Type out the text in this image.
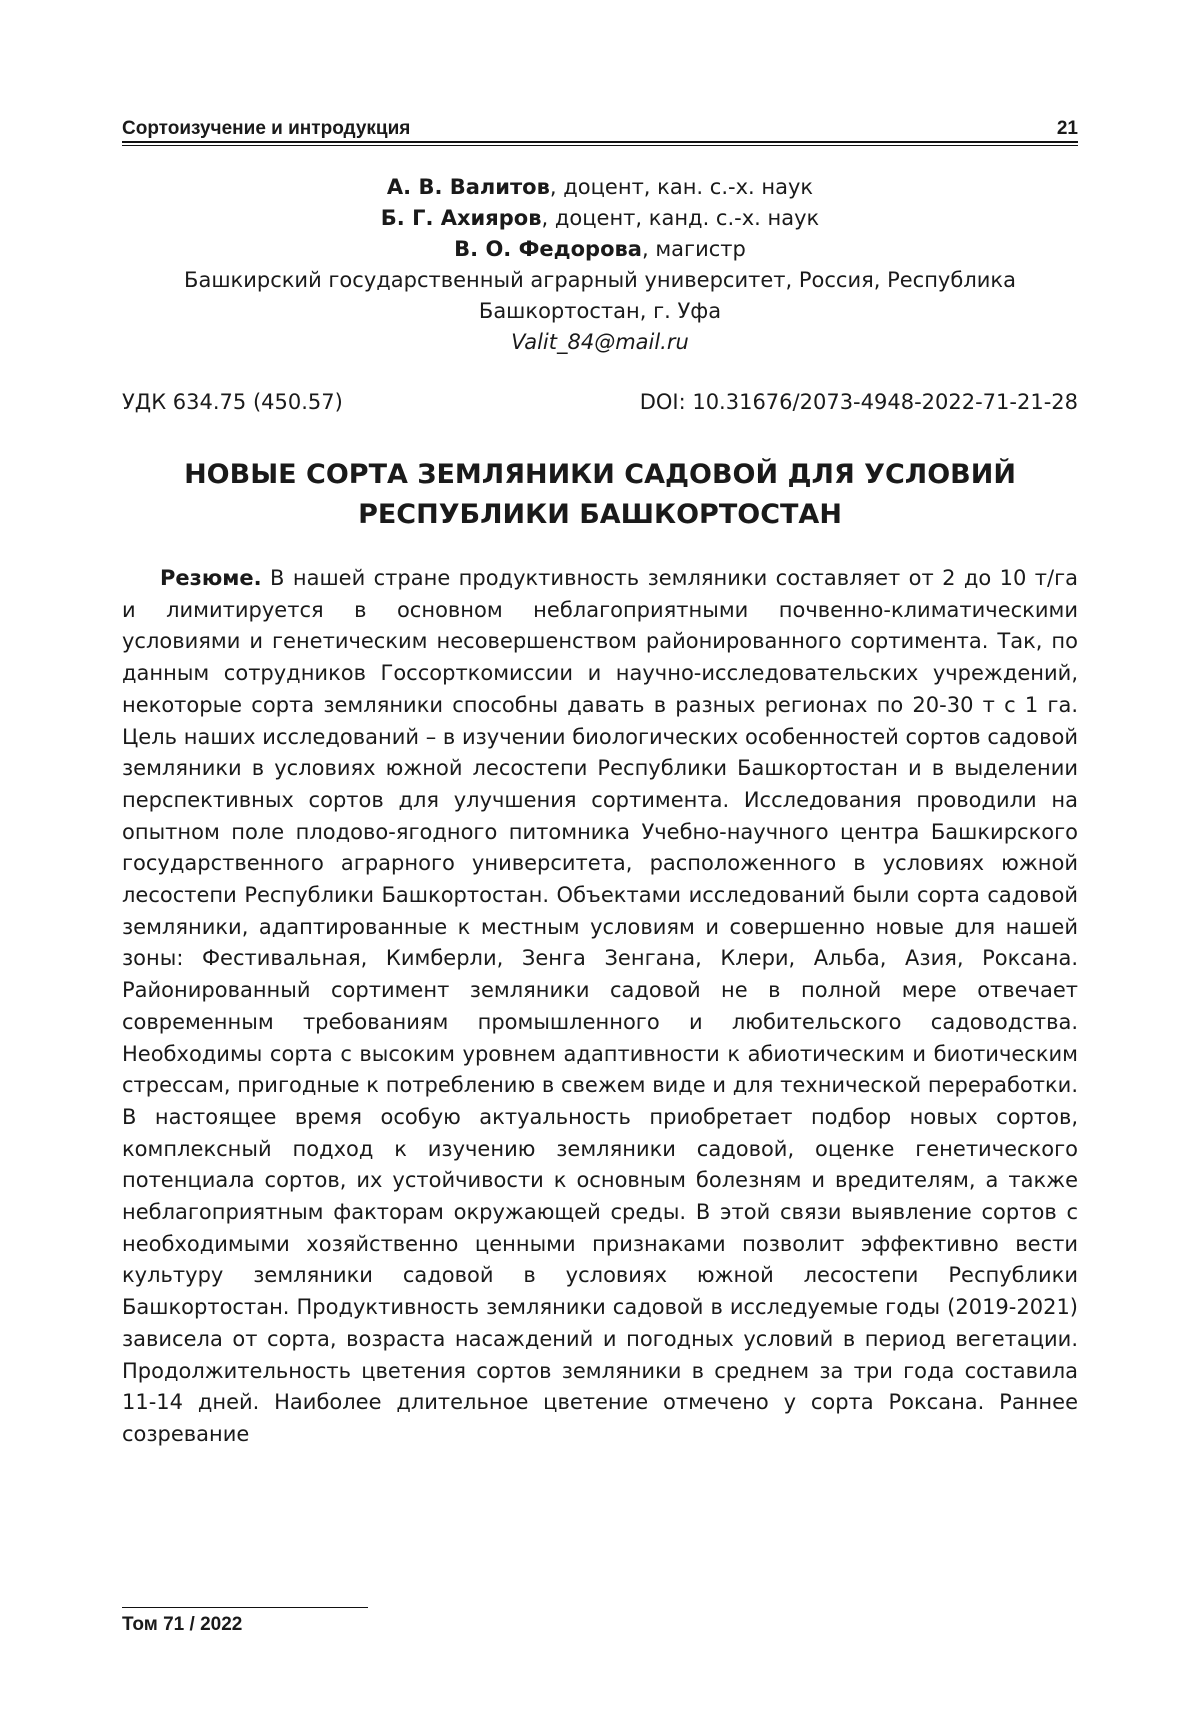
Сортоизучение и интродукция	21
А. В. Валитов, доцент, кан. с.-х. наук
Б. Г. Ахияров, доцент, канд. с.-х. наук
В. О. Федорова, магистр
Башкирский государственный аграрный университет, Россия, Республика
Башкортостан, г. Уфа
Valit_84@mail.ru
УДК 634.75 (450.57)	DOI: 10.31676/2073-4948-2022-71-21-28
НОВЫЕ СОРТА ЗЕМЛЯНИКИ САДОВОЙ ДЛЯ УСЛОВИЙ
РЕСПУБЛИКИ БАШКОРТОСТАН

Резюме. В нашей стране продуктивность земляники составляет от 2 до 10 т/га и лимитируется в основном неблагоприятными почвенно-климатическими условиями и генетическим несовершенством районированного сортимента. Так, по данным сотрудников Госсорткомиссии и научно-исследовательских учреждений, некоторые сорта земляники способны давать в разных регионах по 20-30 т с 1 га. Цель наших исследований – в изучении биологических особенностей сортов садовой земляники в условиях южной лесостепи Республики Башкортостан и в выделении перспективных сортов для улучшения сортимента. Исследования проводили на опытном поле плодово-ягодного питомника Учебно-научного центра Башкирского государственного аграрного университета, расположенного в условиях южной лесостепи Республики Башкортостан. Объектами исследований были сорта садовой земляники, адаптированные к местным условиям и совершенно новые для нашей зоны: Фестивальная, Кимберли, Зенга Зенгана, Клери, Альба, Азия, Роксана. Районированный сортимент земляники садовой не в полной мере отвечает современным требованиям промышленного и любительского садоводства. Необходимы сорта с высоким уровнем адаптивности к абиотическим и биотическим стрессам, пригодные к потреблению в свежем виде и для технической переработки. В настоящее время особую актуальность приобретает подбор новых сортов, комплексный подход к изучению земляники садовой, оценке генетического потенциала сортов, их устойчивости к основным болезням и вредителям, а также неблагоприятным факторам окружающей среды. В этой связи выявление сортов с необходимыми хозяйственно ценными признаками позволит эффективно вести культуру земляники садовой в условиях южной лесостепи Республики Башкортостан. Продуктивность земляники садовой в исследуемые годы (2019-2021) зависела от сорта, возраста насаждений и погодных условий в период вегетации. Продолжительность цветения сортов земляники в среднем за три года составила 11-14 дней. Наиболее длительное цветение отмечено у сорта Роксана. Раннее созревание

Том 71 / 2022
